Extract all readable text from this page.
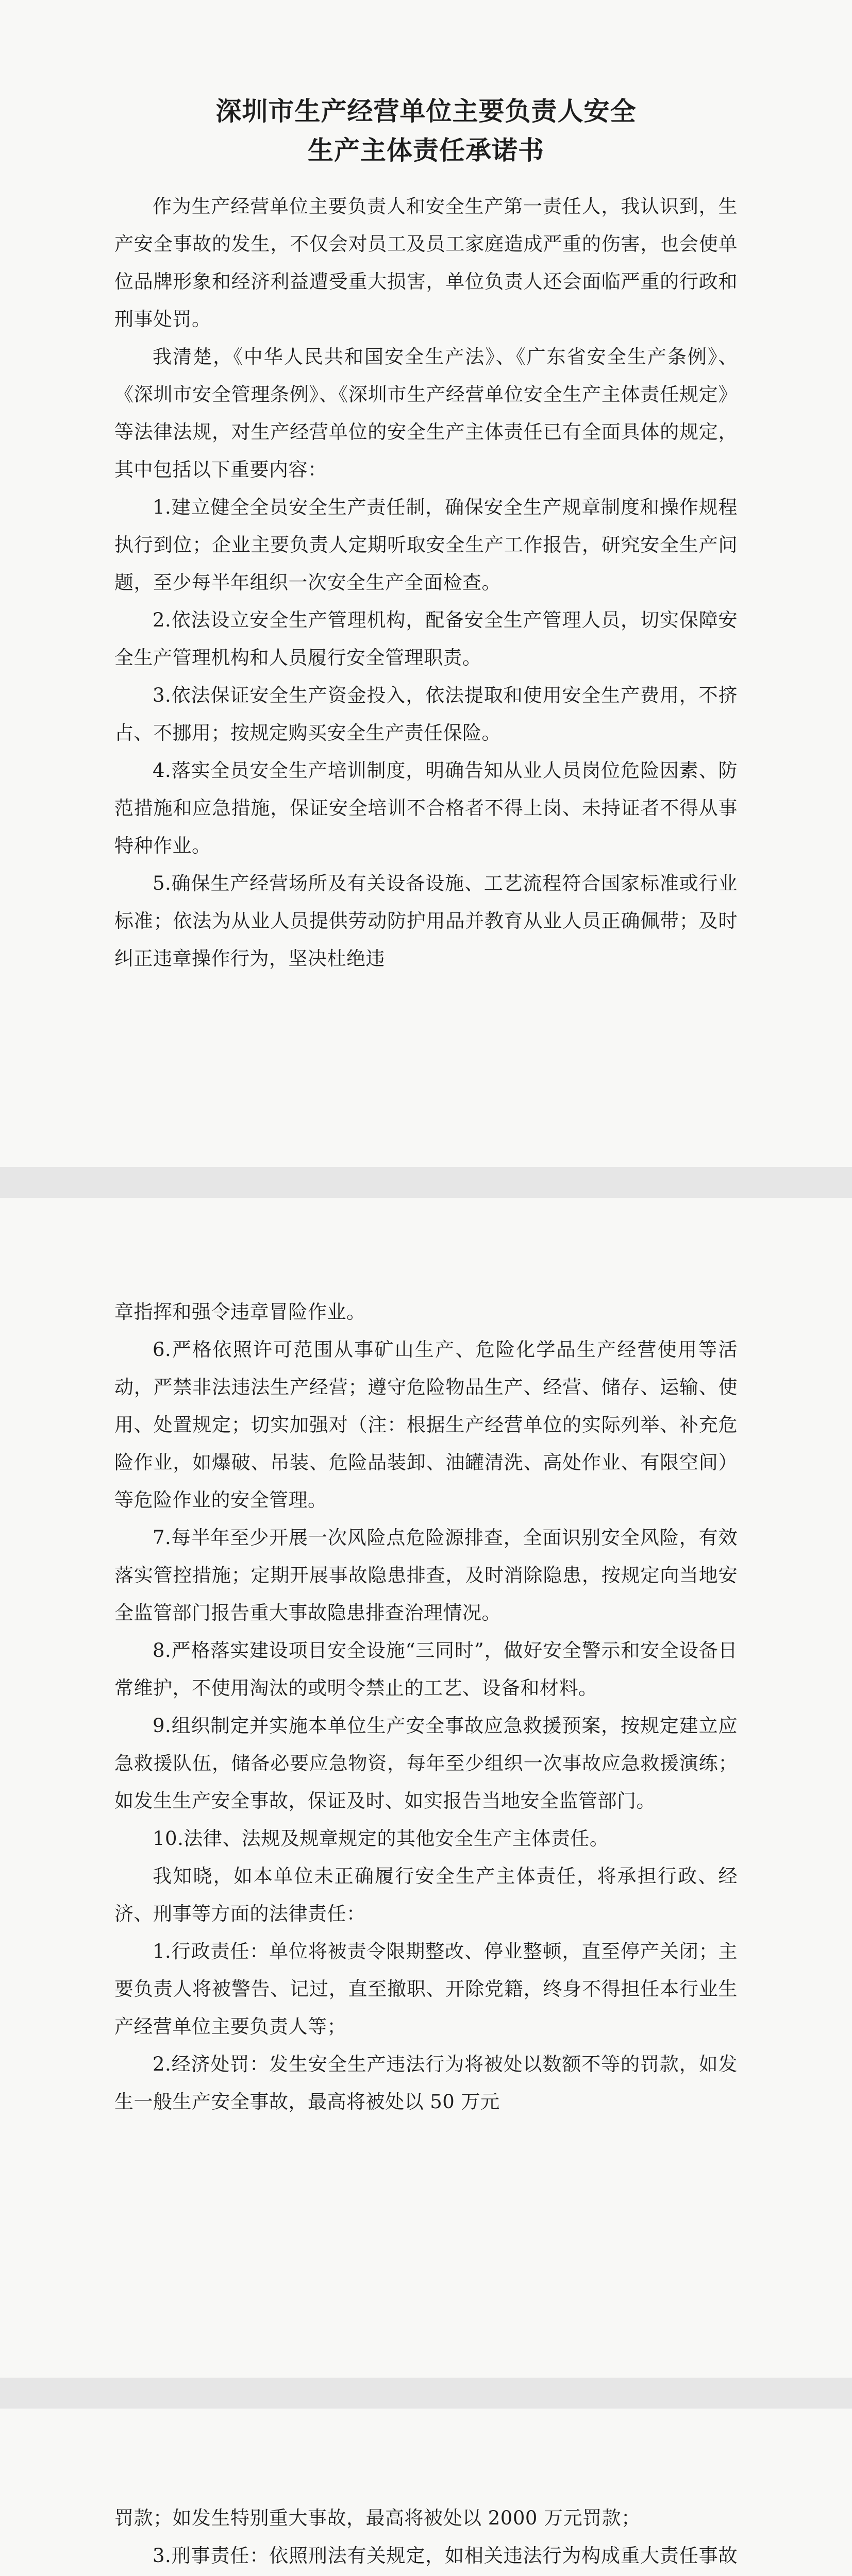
深圳市生产经营单位主要负责人安全
生产主体责任承诺书

作为生产经营单位主要负责人和安全生产第一责任人，我认识到，生产安全事故的发生，不仅会对员工及员工家庭造成严重的伤害，也会使单位品牌形象和经济利益遭受重大损害，单位负责人还会面临严重的行政和刑事处罚。

我清楚，《中华人民共和国安全生产法》、《广东省安全生产条例》、《深圳市安全管理条例》、《深圳市生产经营单位安全生产主体责任规定》等法律法规，对生产经营单位的安全生产主体责任已有全面具体的规定，其中包括以下重要内容：

1.建立健全全员安全生产责任制，确保安全生产规章制度和操作规程执行到位；企业主要负责人定期听取安全生产工作报告，研究安全生产问题，至少每半年组织一次安全生产全面检查。

2.依法设立安全生产管理机构，配备安全生产管理人员，切实保障安全生产管理机构和人员履行安全管理职责。

3.依法保证安全生产资金投入，依法提取和使用安全生产费用，不挤占、不挪用；按规定购买安全生产责任保险。

4.落实全员安全生产培训制度，明确告知从业人员岗位危险因素、防范措施和应急措施，保证安全培训不合格者不得上岗、未持证者不得从事特种作业。

5.确保生产经营场所及有关设备设施、工艺流程符合国家标准或行业标准；依法为从业人员提供劳动防护用品并教育从业人员正确佩带；及时纠正违章操作行为，坚决杜绝违

章指挥和强令违章冒险作业。

6.严格依照许可范围从事矿山生产、危险化学品生产经营使用等活动，严禁非法违法生产经营；遵守危险物品生产、经营、储存、运输、使用、处置规定；切实加强对（注：根据生产经营单位的实际列举、补充危险作业，如爆破、吊装、危险品装卸、油罐清洗、高处作业、有限空间）等危险作业的安全管理。

7.每半年至少开展一次风险点危险源排查，全面识别安全风险，有效落实管控措施；定期开展事故隐患排查，及时消除隐患，按规定向当地安全监管部门报告重大事故隐患排查治理情况。

8.严格落实建设项目安全设施“三同时”，做好安全警示和安全设备日常维护，不使用淘汰的或明令禁止的工艺、设备和材料。

9.组织制定并实施本单位生产安全事故应急救援预案，按规定建立应急救援队伍，储备必要应急物资，每年至少组织一次事故应急救援演练；如发生生产安全事故，保证及时、如实报告当地安全监管部门。

10.法律、法规及规章规定的其他安全生产主体责任。

我知晓，如本单位未正确履行安全生产主体责任，将承担行政、经济、刑事等方面的法律责任：

1.行政责任：单位将被责令限期整改、停业整顿，直至停产关闭；主要负责人将被警告、记过，直至撤职、开除党籍，终身不得担任本行业生产经营单位主要负责人等；

2.经济处罚：发生安全生产违法行为将被处以数额不等的罚款，如发生一般生产安全事故，最高将被处以 50 万元

罚款；如发生特别重大事故，最高将被处以 2000 万元罚款；

3.刑事责任：依照刑法有关规定，如相关违法行为构成重大责任事故
